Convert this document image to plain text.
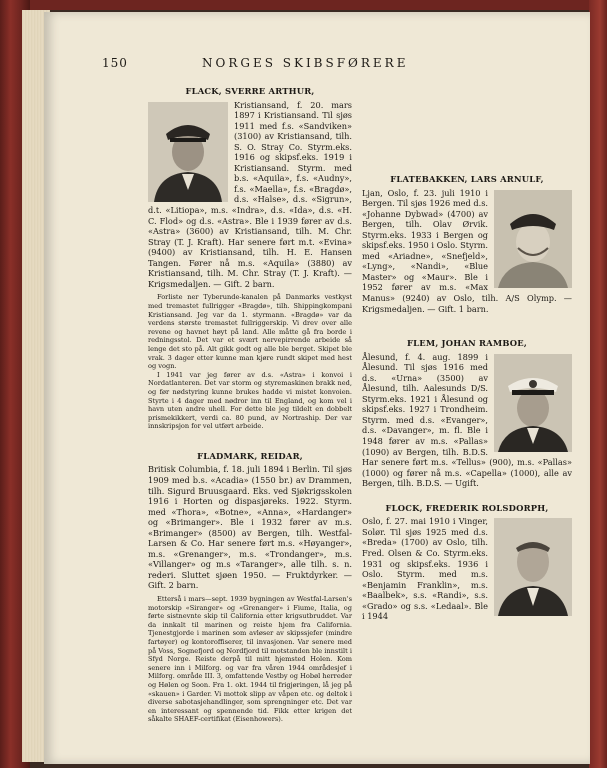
150	NORGES SKIBSFØRERE
FLACK, SVERRE ARTHUR,

Kristiansand, f. 20. mars 1897 i Kristiansand. Til sjøs 1911 med f.s. «Sandviken» (3100) av Kristiansand, tilh. S. O. Stray Co. Styrm.eks. 1916 og skipsf.eks. 1919 i Kristiansand. Styrm. med b.s. «Aquila», f.s. «Audny», f.s. «Maella», f.s. «Bragdø», d.s. «Halse», d.s. «Sigrun», d.t. «Litiopa», m.s. «Indra», d.s. «Ida», d.s. «H. C. Flod» og d.s. «Astra». Ble i 1939 fører av d.s. «Astra» (3600) av Kristiansand, tilh. M. Chr. Stray (T. J. Kraft). Har senere ført m.t. «Evina» (9400) av Kristiansand, tilh. H. E. Hansen Tangen. Fører nå m.s. «Aquila» (3880) av Kristiansand, tilh. M. Chr. Stray (T. J. Kraft). — Krigsmedaljen. — Gift. 2 barn.

Forliste ner Tyberunde-kanalen på Danmarks vestkyst med tremastet fullrigger «Bragdø», tilh. Shippingkompani Kristiansand. Jeg var da 1. styrmann. «Bragdø» var da verdens største tremastet fullriggerskip. Vi drev over alle revene og havnet høyt på land. Alle måtte gå fra borde i redningsstol. Det var et svært nervepirrende arbeide så lenge det sto på. Alt gikk godt og alle ble berget. Skipet ble vrak. 3 dager etter kunne man kjøre rundt skipet med hest og vogn.

I 1941 var jeg fører av d.s. «Astra» i konvoi i Nordatlanteren. Det var storm og styremaskinen brakk ned, og før nødstyring kunne brukes hadde vi mistet konvoien. Styrte i 4 dager med nødror inn til England, og kom vel i havn uten andre uhell. For dette ble jeg tildelt en dobbelt prismekikkert, verdi ca. 80 pund, av Nortraship. Der var innskripsjon for vel utført arbeide.

FLADMARK, REIDAR,

Britisk Columbia, f. 18. juli 1894 i Berlin. Til sjøs 1909 med b.s. «Acadia» (1550 br.) av Drammen, tilh. Sigurd Bruusgaard. Eks. ved Sjøkrigsskolen 1916 i Horten og dispasjøreks. 1922. Styrm. med «Thora», «Botne», «Anna», «Hardanger» og «Brimanger». Ble i 1932 fører av m.s. «Brimanger» (8500) av Bergen, tilh. Westfal-Larsen & Co. Har senere ført m.s. «Høyanger», m.s. «Grenanger», m.s. «Trondanger», m.s. «Villanger» og m.s «Taranger», alle tilh. s. n. rederi. Sluttet sjøen 1950. — Fruktdyrker. — Gift. 2 barn.

Etterså i mars—sept. 1939 bygningen av Westfal-Larsen's motorskip «Siranger» og «Grenanger» i Fiume, Italia, og førte sistnevnte skip til California etter krigsutbruddet. Var da innkalt til marinen og reiste hjem fra California. Tjenestgjorde i marinen som avløser av skipssjefer (mindre fartøyer) og kontoroffiserer, til invasjonen. Var senere med på Voss, Sognefjord og Nordfjord til motstanden ble innstilt i Sfyd Norge. Reiste derpå til mitt hjemsted Holen. Kom senere inn i Milforg. og var fra våren 1944 områdesjef i Milforg. område III. 3, omfattende Vestby og Hobøl herreder og Hølen og Soon. Fra 1. okt. 1944 til frigjøringen, lå jeg på «skauen» i Garder. Vi mottok slipp av våpen etc. og deltok i diverse sabotasjehandlinger, som sprengninger etc. Det var en interessant og spennende tid. Fikk etter krigen det såkalte SHAEF-certifikat (Eisenhowers).

FLATEBAKKEN, LARS ARNULF,

Ljan, Oslo, f. 23. juli 1910 i Bergen. Til sjøs 1926 med d.s. «Johanne Dybwad» (4700) av Bergen, tilh. Olav Ørvik. Styrm.eks. 1933 i Bergen og skipsf.eks. 1950 i Oslo. Styrm. med «Ariadne», «Snefjeld», «Lyng», «Nandi», «Blue Master» og «Maur». Ble i 1952 fører av m.s. «Max Manus» (9240) av Oslo, tilh. A/S Olymp. — Krigsmedaljen. — Gift. 1 barn.

FLEM, JOHAN RAMBOE,

Ålesund, f. 4. aug. 1899 i Ålesund. Til sjøs 1916 med d.s. «Urna» (3500) av Ålesund, tilh. Aalesunds D/S. Styrm.eks. 1921 i Ålesund og skipsf.eks. 1927 i Trondheim. Styrm. med d.s. «Evanger», d.s. «Davanger», m. fl. Ble i 1948 fører av m.s. «Pallas» (1090) av Bergen, tilh. B.D.S. Har senere ført m.s. «Tellus» (900), m.s. «Pallas» (1000) og fører nå m.s. «Capella» (1000), alle av Bergen, tilh. B.D.S. — Ugift.

FLOCK, FREDERIK ROLSDORPH,

Oslo, f. 27. mai 1910 i Vinger, Solør. Til sjøs 1925 med d.s. «Breda» (1700) av Oslo, tilh. Fred. Olsen & Co. Styrm.eks. 1931 og skipsf.eks. 1936 i Oslo. Styrm. med m.s. «Benjamin Franklin», m.s. «Baalbek», s.s. «Randi», s.s. «Grado» og s.s. «Ledaal». Ble i 1944
